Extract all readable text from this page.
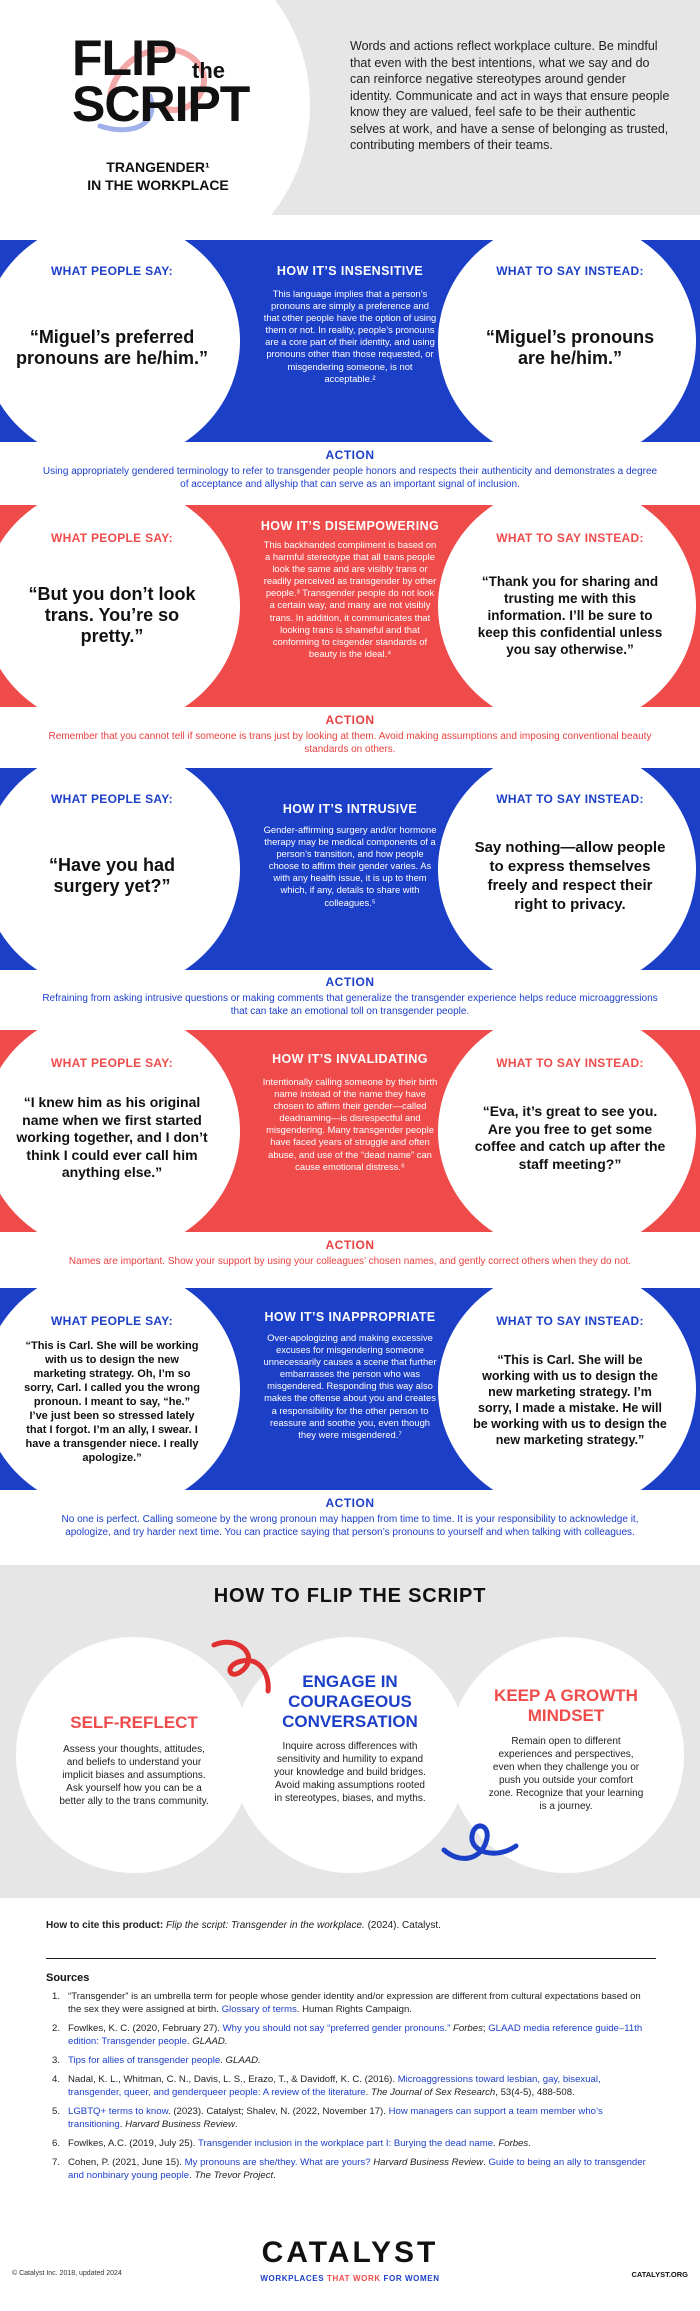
FLIP the
SCRIPT
TRANGENDER¹
IN THE WORKPLACE
Words and actions reflect workplace culture. Be mindful that even with the best intentions, what we say and do can reinforce negative stereotypes around gender identity. Communicate and act in ways that ensure people know they are valued, feel safe to be their authentic selves at work, and have a sense of belonging as trusted, contributing members of their teams.
WHAT PEOPLE SAY:
“Miguel’s preferred pronouns are he/him.”
HOW IT’S INSENSITIVE
This language implies that a person’s pronouns are simply a preference and that other people have the option of using them or not. In reality, people’s pronouns are a core part of their identity, and using pronouns other than those requested, or misgendering someone, is not acceptable.²
WHAT TO SAY INSTEAD:
“Miguel’s pronouns are he/him.”
ACTION
Using appropriately gendered terminology to refer to transgender people honors and respects their authenticity and demonstrates a degree of acceptance and allyship that can serve as an important signal of inclusion.
WHAT PEOPLE SAY:
“But you don’t look trans. You’re so pretty.”
HOW IT’S DISEMPOWERING
This backhanded compliment is based on a harmful stereotype that all trans people look the same and are visibly trans or readily perceived as transgender by other people.³ Transgender people do not look a certain way, and many are not visibly trans. In addition, it communicates that looking trans is shameful and that conforming to cisgender standards of beauty is the ideal.⁴
WHAT TO SAY INSTEAD:
“Thank you for sharing and trusting me with this information. I’ll be sure to keep this confidential unless you say otherwise.”
ACTION
Remember that you cannot tell if someone is trans just by looking at them. Avoid making assumptions and imposing conventional beauty standards on others.
WHAT PEOPLE SAY:
“Have you had surgery yet?”
HOW IT’S INTRUSIVE
Gender-affirming surgery and/or hormone therapy may be medical components of a person’s transition, and how people choose to affirm their gender varies. As with any health issue, it is up to them which, if any, details to share with colleagues.⁵
WHAT TO SAY INSTEAD:
Say nothing—allow people to express themselves freely and respect their right to privacy.
ACTION
Refraining from asking intrusive questions or making comments that generalize the transgender experience helps reduce microaggressions that can take an emotional toll on transgender people.
WHAT PEOPLE SAY:
“I knew him as his original name when we first started working together, and I don’t think I could ever call him anything else.”
HOW IT’S INVALIDATING
Intentionally calling someone by their birth name instead of the name they have chosen to affirm their gender—called deadnaming—is disrespectful and misgendering. Many transgender people have faced years of struggle and often abuse, and use of the “dead name” can cause emotional distress.⁶
WHAT TO SAY INSTEAD:
“Eva, it’s great to see you. Are you free to get some coffee and catch up after the staff meeting?”
ACTION
Names are important. Show your support by using your colleagues’ chosen names, and gently correct others when they do not.
WHAT PEOPLE SAY:
“This is Carl. She will be working with us to design the new marketing strategy. Oh, I’m so sorry, Carl. I called you the wrong pronoun. I meant to say, “he.” I’ve just been so stressed lately that I forgot. I’m an ally, I swear. I have a transgender niece. I really apologize.”
HOW IT’S INAPPROPRIATE
Over-apologizing and making excessive excuses for misgendering someone unnecessarily causes a scene that further embarrasses the person who was misgendered. Responding this way also makes the offense about you and creates a responsibility for the other person to reassure and soothe you, even though they were misgendered.⁷
WHAT TO SAY INSTEAD:
“This is Carl. She will be working with us to design the new marketing strategy. I’m sorry, I made a mistake. He will be working with us to design the new marketing strategy.”
ACTION
No one is perfect. Calling someone by the wrong pronoun may happen from time to time. It is your responsibility to acknowledge it, apologize, and try harder next time. You can practice saying that person’s pronouns to yourself and when talking with colleagues.
HOW TO FLIP THE SCRIPT
SELF-REFLECT
Assess your thoughts, attitudes, and beliefs to understand your implicit biases and assumptions. Ask yourself how you can be a better ally to the trans community.
ENGAGE IN COURAGEOUS CONVERSATION
Inquire across differences with sensitivity and humility to expand your knowledge and build bridges. Avoid making assumptions rooted in stereotypes, biases, and myths.
KEEP A GROWTH MINDSET
Remain open to different experiences and perspectives, even when they challenge you or push you outside your comfort zone. Recognize that your learning is a journey.
How to cite this product: Flip the script: Transgender in the workplace. (2024). Catalyst.
Sources
1. “Transgender” is an umbrella term for people whose gender identity and/or expression are different from cultural expectations based on the sex they were assigned at birth. Glossary of terms. Human Rights Campaign.
2. Fowlkes, K. C. (2020, February 27). Why you should not say “preferred gender pronouns.” Forbes; GLAAD media reference guide–11th edition: Transgender people. GLAAD.
3. Tips for allies of transgender people. GLAAD.
4. Nadal, K. L., Whitman, C. N., Davis, L. S., Erazo, T., & Davidoff, K. C. (2016). Microaggressions toward lesbian, gay, bisexual, transgender, queer, and genderqueer people: A review of the literature. The Journal of Sex Research, 53(4-5), 488-508.
5. LGBTQ+ terms to know. (2023). Catalyst; Shalev, N. (2022, November 17). How managers can support a team member who’s transitioning. Harvard Business Review.
6. Fowlkes, A.C. (2019, July 25). Transgender inclusion in the workplace part I: Burying the dead name. Forbes.
7. Cohen, P. (2021, June 15). My pronouns are she/they. What are yours? Harvard Business Review. Guide to being an ally to transgender and nonbinary young people. The Trevor Project.
© Catalyst Inc. 2018, updated 2024
CATALYST
WORKPLACES THAT WORK FOR WOMEN	CATALYST.ORG
